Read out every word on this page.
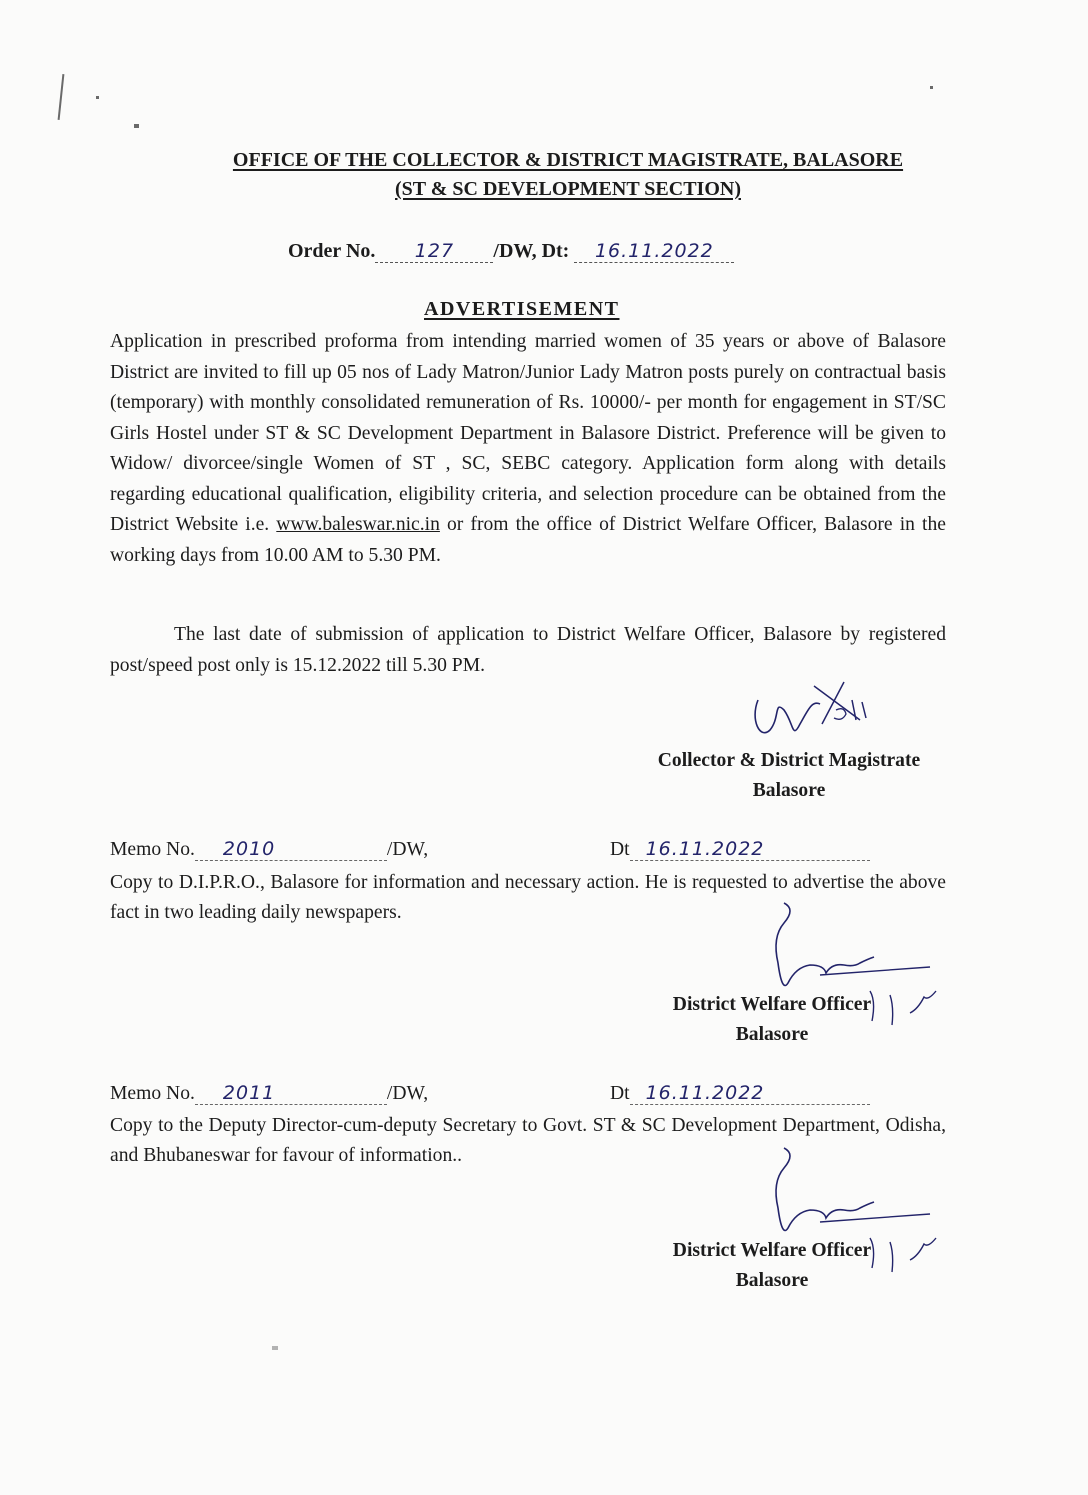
OFFICE OF THE COLLECTOR & DISTRICT MAGISTRATE, BALASORE
(ST & SC DEVELOPMENT SECTION)
Order No. 127 /DW, Dt: 16.11.2022
ADVERTISEMENT
Application in prescribed proforma from intending married women of 35 years or above of Balasore District are invited to fill up 05 nos of Lady Matron/Junior Lady Matron posts purely on contractual basis (temporary) with monthly consolidated remuneration of Rs. 10000/- per month for engagement in ST/SC Girls Hostel under ST & SC Development Department in Balasore District. Preference will be given to Widow/ divorcee/single Women of ST , SC, SEBC category. Application form along with details regarding educational qualification, eligibility criteria, and selection procedure can be obtained from the District Website i.e. www.baleswar.nic.in or from the office of District Welfare Officer, Balasore in the working days from 10.00 AM to 5.30 PM.
The last date of submission of application to District Welfare Officer, Balasore by registered post/speed post only is 15.12.2022 till 5.30 PM.
Collector & District Magistrate
Balasore
Memo No. 2010	/DW,	Dt 16.11.2022
Copy to D.I.P.R.O., Balasore for information and necessary action. He is requested to advertise the above fact in two leading daily newspapers.
District Welfare Officer
Balasore
Memo No. 2011	/DW,	Dt 16.11.2022
Copy to the Deputy Director-cum-deputy Secretary to Govt. ST & SC Development Department, Odisha, and Bhubaneswar for favour of information..
District Welfare Officer
Balasore
